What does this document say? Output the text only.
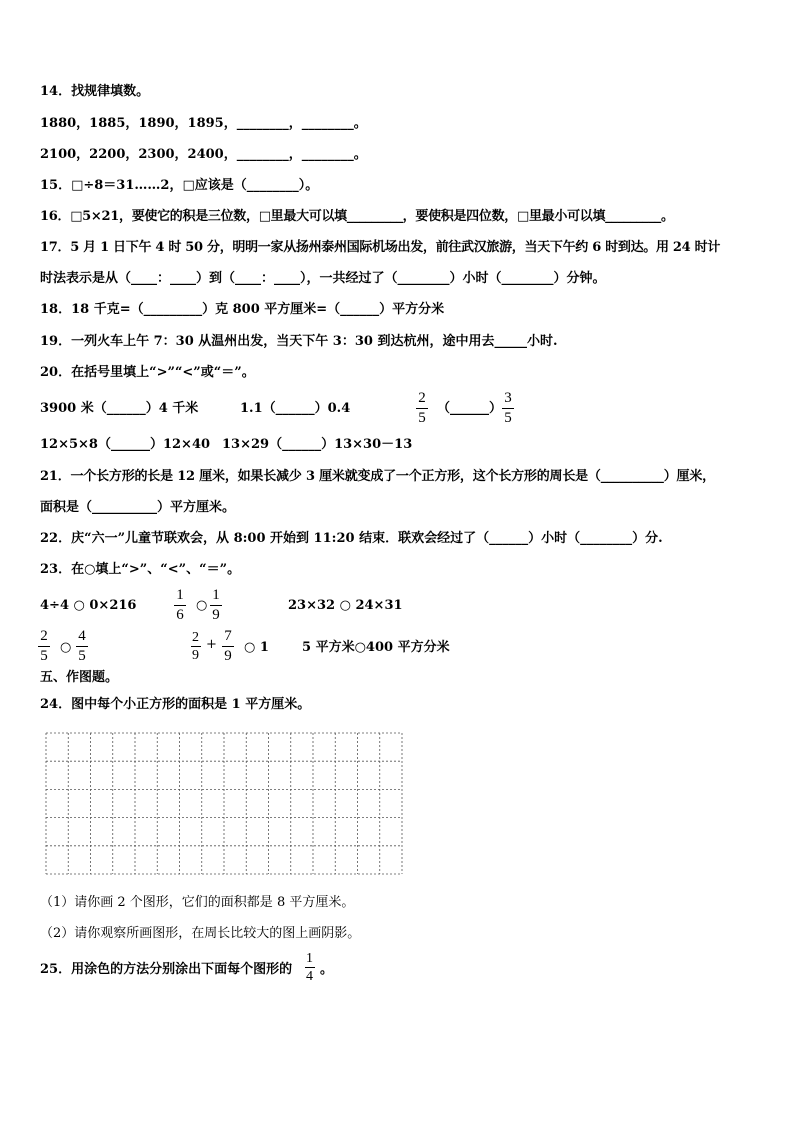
14．找规律填数。
1880，1885，1890，1895，________，________。
2100，2200，2300，2400，________，________。
15．□÷8＝31……2，□应该是（________）。
16．□5×21，要使它的积是三位数，□里最大可以填_________，要使积是四位数，□里最小可以填_________。
17．5 月 1 日下午 4 时 50 分，明明一家从扬州泰州国际机场出发，前往武汉旅游，当天下午约 6 时到达。用 24 时计
时法表示是从（____：____）到（____：____），一共经过了（________）小时（________）分钟。
18．18 千克=（_________）克 800 平方厘米=（______）平方分米
19．一列火车上午 7：30 从温州出发，当天下午 3：30 到达杭州，途中用去_____小时.
20．在括号里填上“>”“<”或“＝”。
3900 米（______）4 千米	1.1（______）0.4
2
5
（______）
3
5
12×5×8（______）12×40 13×29（______）13×30－13
21．一个长方形的长是 12 厘米，如果长减少 3 厘米就变成了一个正方形，这个长方形的周长是（__________）厘米，
面积是（__________）平方厘米。
22．庆“六一”儿童节联欢会，从 8:00 开始到 11:20 结束．联欢会经过了（______）小时（________）分.
23．在○填上“>”、“<”、“＝”。
4÷4 ○ 0×216
1
6
○
1
9
23×32 ○ 24×31
2
5
○
4
5
2
9
+
7
9
○ 1	5 平方米○400 平方分米
五、作图题。
24．图中每个小正方形的面积是 1 平方厘米。
（1）请你画 2 个图形，它们的面积都是 8 平方厘米。
（2）请你观察所画图形，在周长比较大的图上画阴影。
25．用涂色的方法分别涂出下面每个图形的
1
4 。
